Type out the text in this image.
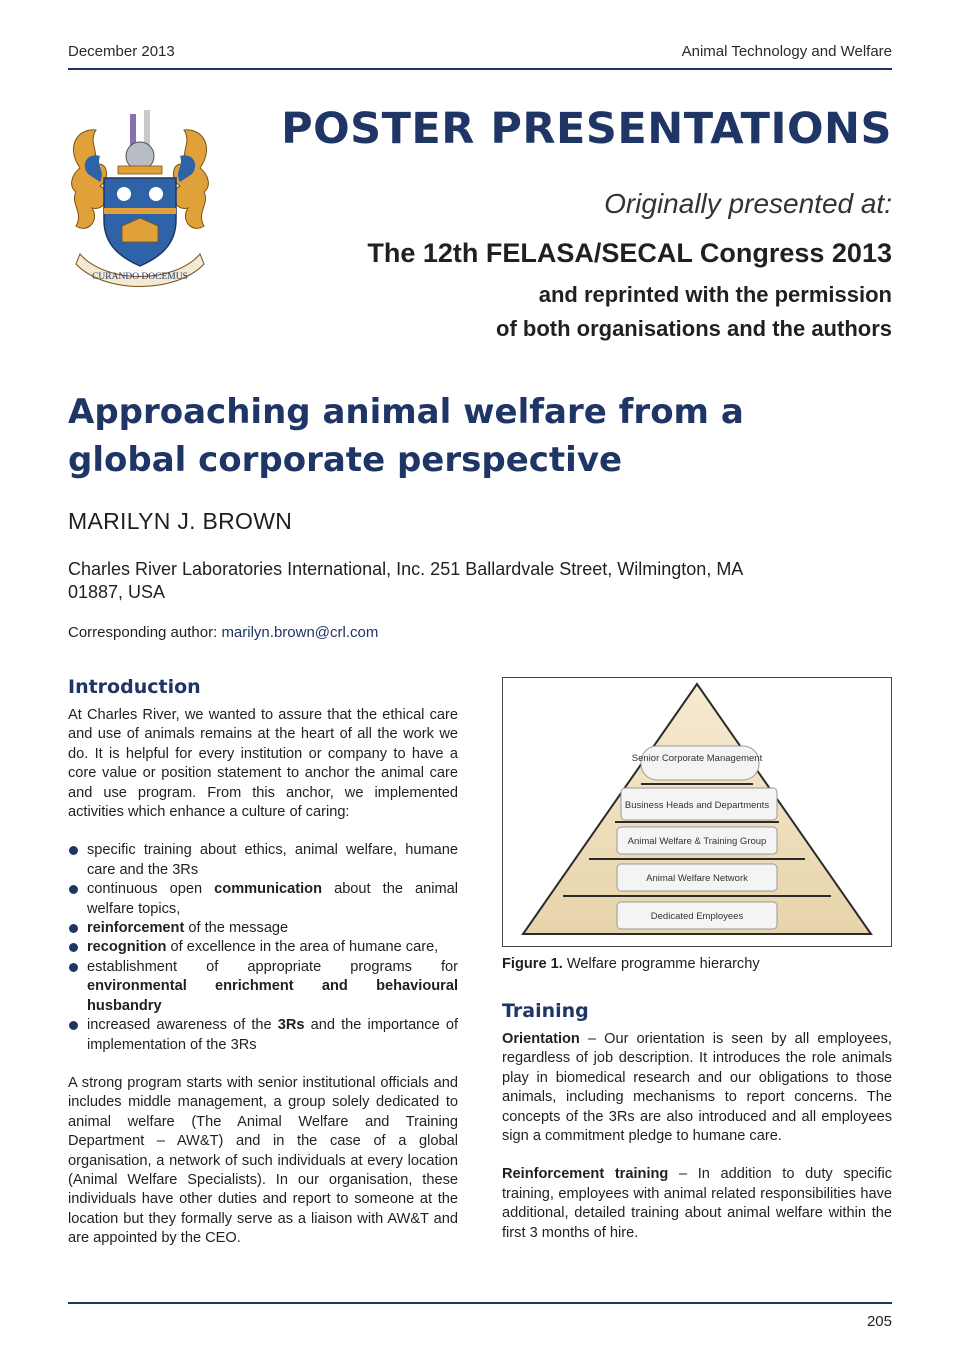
December 2013	Animal Technology and Welfare
CURANDO DOCEMUS
POSTER PRESENTATIONS
Originally presented at:
The 12th FELASA/SECAL Congress 2013
and reprinted with the permission
of both organisations and the authors
Approaching animal welfare from a global corporate perspective
MARILYN J. BROWN
Charles River Laboratories International, Inc. 251 Ballardvale Street, Wilmington, MA 01887, USA
Corresponding author: marilyn.brown@crl.com
Introduction

At Charles River, we wanted to assure that the ethical care and use of animals remains at the heart of all the work we do. It is helpful for every institution or company to have a core value or position statement to anchor the animal care and use program. From this anchor, we implemented activities which enhance a culture of caring:

specific training about ethics, animal welfare, humane care and the 3Rs
continuous open communication about the animal welfare topics,
reinforcement of the message
recognition of excellence in the area of humane care,
establishment of appropriate programs for environmental enrichment and behavioural husbandry
increased awareness of the 3Rs and the importance of implementation of the 3Rs

A strong program starts with senior institutional officials and includes middle management, a group solely dedicated to animal welfare (The Animal Welfare and Training Department – AW&T) and in the case of a global organisation, a network of such individuals at every location (Animal Welfare Specialists). In our organisation, these individuals have other duties and report to someone at the location but they formally serve as a liaison with AW&T and are appointed by the CEO.

Senior Corporate Management
Business Heads and Departments
Animal Welfare & Training Group
Animal Welfare Network
Dedicated Employees
Figure 1. Welfare programme hierarchy
Training

Orientation – Our orientation is seen by all employees, regardless of job description. It introduces the role animals play in biomedical research and our obligations to those animals, including mechanisms to report concerns. The concepts of the 3Rs are also introduced and all employees sign a commitment pledge to humane care.

Reinforcement training – In addition to duty specific training, employees with animal related responsibilities have additional, detailed training about animal welfare within the first 3 months of hire.

205
